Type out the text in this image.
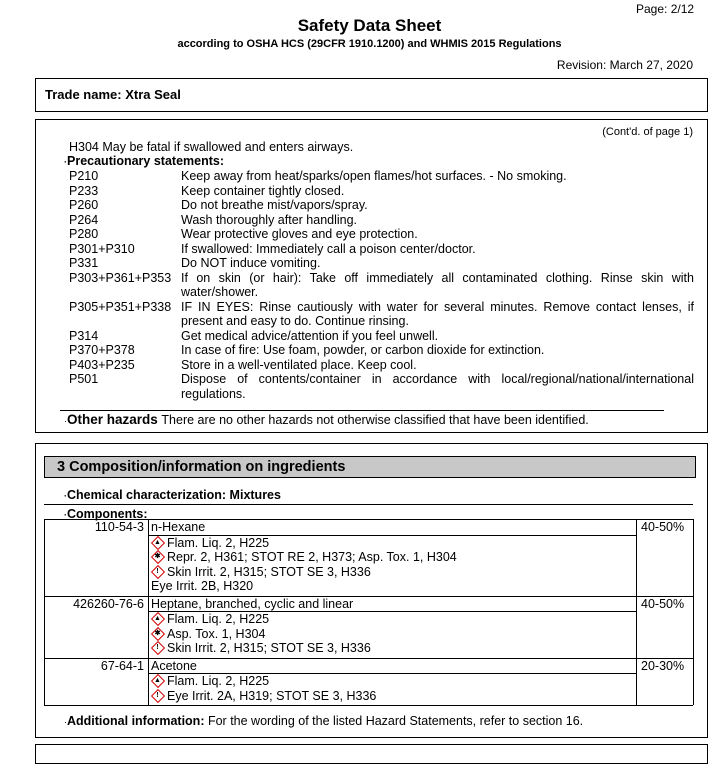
Page: 2/12
Safety Data Sheet
according to OSHA HCS (29CFR 1910.1200) and WHMIS 2015 Regulations
Revision: March 27, 2020
Trade name: Xtra Seal
(Cont'd. of page 1)
H304 May be fatal if swallowed and enters airways.
·Precautionary statements:
P210	Keep away from heat/sparks/open flames/hot surfaces. - No smoking.
P233	Keep container tightly closed.
P260	Do not breathe mist/vapors/spray.
P264	Wash thoroughly after handling.
P280	Wear protective gloves and eye protection.
P301+P310	If swallowed: Immediately call a poison center/doctor.
P331	Do NOT induce vomiting.
P303+P361+P353 If on skin (or hair): Take off immediately all contaminated clothing. Rinse skin with
water/shower.
P305+P351+P338 IF IN EYES: Rinse cautiously with water for several minutes. Remove contact lenses, if
present and easy to do. Continue rinsing.
P314	Get medical advice/attention if you feel unwell.
P370+P378	In case of fire: Use foam, powder, or carbon dioxide for extinction.
P403+P235	Store in a well-ventilated place. Keep cool.
P501	Dispose of contents/container in accordance with local/regional/national/international
regulations.
·Other hazards There are no other hazards not otherwise classified that have been identified.
3 Composition/information on ingredients
·Chemical characterization: Mixtures
·Components:
110-54-3 n-Hexane	40-50%
▲ Flam. Liq. 2, H225
✱ Repr. 2, H361; STOT RE 2, H373; Asp. Tox. 1, H304
! Skin Irrit. 2, H315; STOT SE 3, H336
Eye Irrit. 2B, H320
426260-76-6 Heptane, branched, cyclic and linear	40-50%
▲ Flam. Liq. 2, H225
✱ Asp. Tox. 1, H304
! Skin Irrit. 2, H315; STOT SE 3, H336
67-64-1 Acetone	20-30%
▲ Flam. Liq. 2, H225
! Eye Irrit. 2A, H319; STOT SE 3, H336
·Additional information: For the wording of the listed Hazard Statements, refer to section 16.
